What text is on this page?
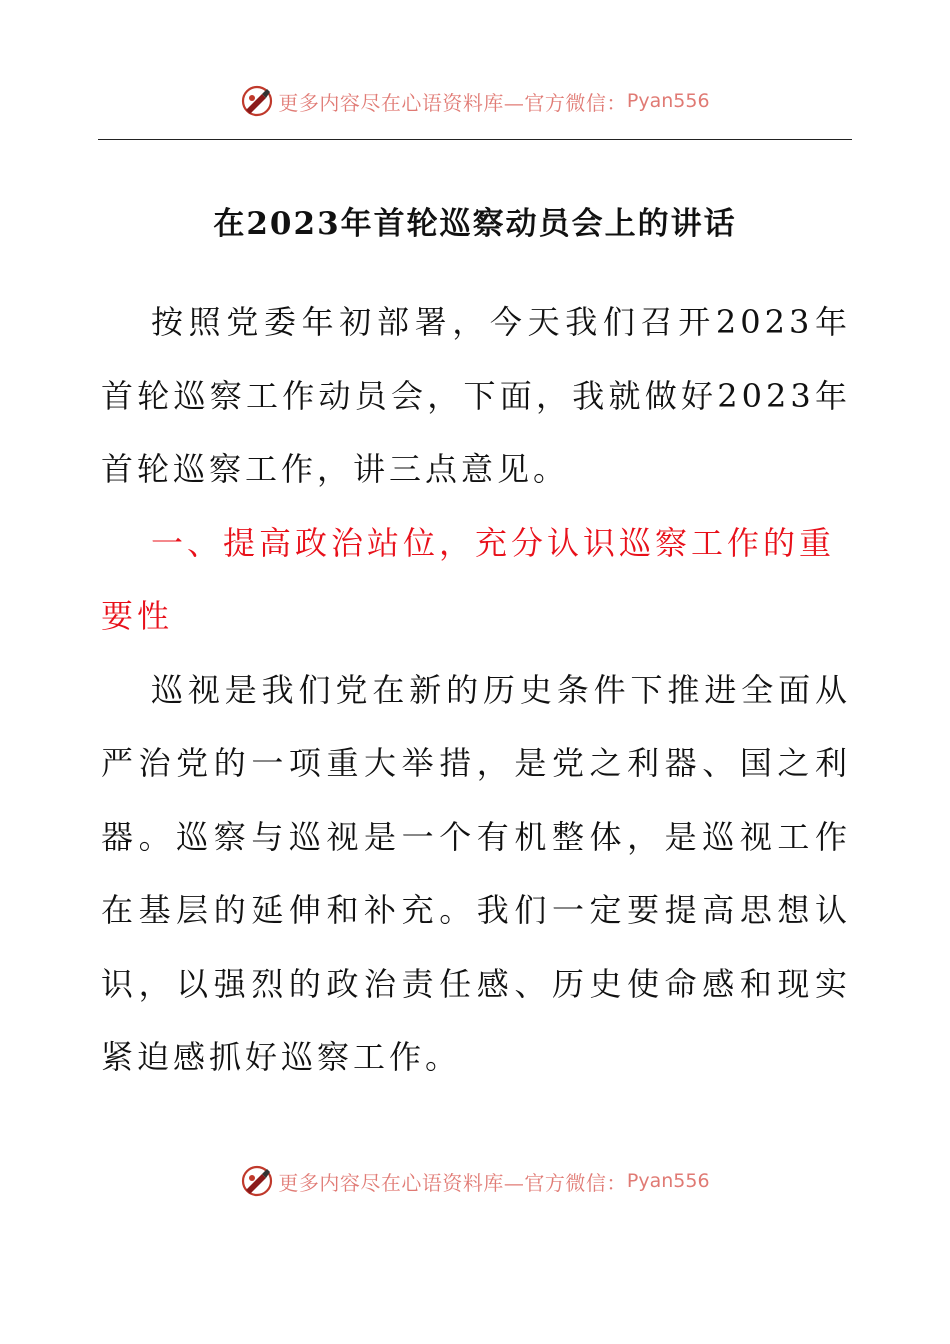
更多内容尽在心语资料库—官方微信： Pyan556
在2023年首轮巡察动员会上的讲话

按照党委年初部署，今天我们召开2023年首轮巡察工作动员会，下面，我就做好2023年首轮巡察工作，讲三点意见。

一、提高政治站位，充分认识巡察工作的重要性

巡视是我们党在新的历史条件下推进全面从严治党的一项重大举措，是党之利器、国之利器。巡察与巡视是一个有机整体，是巡视工作在基层的延伸和补充。我们一定要提高思想认识，以强烈的政治责任感、历史使命感和现实紧迫感抓好巡察工作。

更多内容尽在心语资料库—官方微信： Pyan556
